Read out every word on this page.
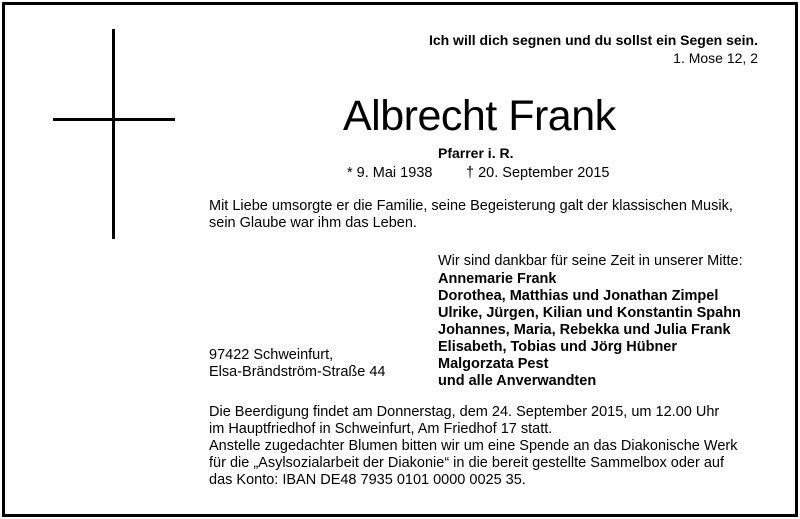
Ich will dich segnen und du sollst ein Segen sein.
1. Mose 12, 2
Albrecht Frank
Pfarrer i. R.
* 9. Mai 1938 † 20. September 2015
Mit Liebe umsorgte er die Familie, seine Begeisterung galt der klassischen Musik,
sein Glaube war ihm das Leben.
Wir sind dankbar für seine Zeit in unserer Mitte:
Annemarie Frank
Dorothea, Matthias und Jonathan Zimpel
Ulrike, Jürgen, Kilian und Konstantin Spahn
Johannes, Maria, Rebekka und Julia Frank
Elisabeth, Tobias und Jörg Hübner
Malgorzata Pest
und alle Anverwandten
97422 Schweinfurt,
Elsa-Brändström-Straße 44
Die Beerdigung findet am Donnerstag, dem 24. September 2015, um 12.00 Uhr
im Hauptfriedhof in Schweinfurt, Am Friedhof 17 statt.
Anstelle zugedachter Blumen bitten wir um eine Spende an das Diakonische Werk
für die „Asylsozialarbeit der Diakonie“ in die bereit gestellte Sammelbox oder auf
das Konto: IBAN DE48 7935 0101 0000 0025 35.
